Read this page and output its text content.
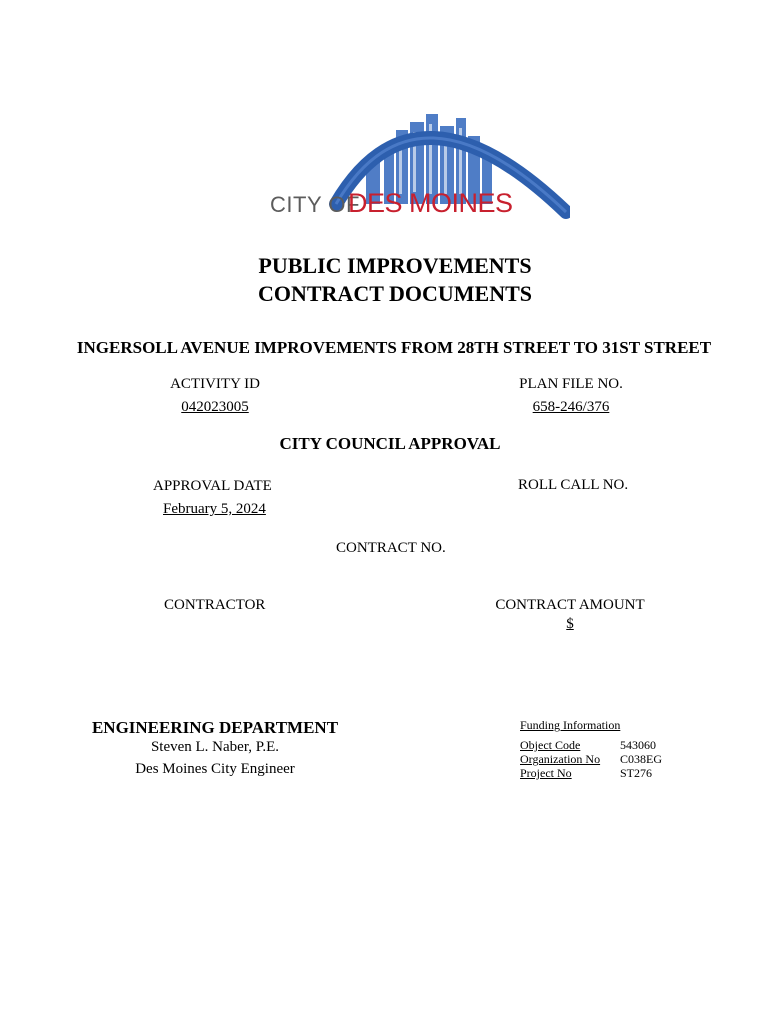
CITY OF
DES MOINES
PUBLIC IMPROVEMENTS
CONTRACT DOCUMENTS
INGERSOLL AVENUE IMPROVEMENTS FROM 28TH STREET TO 31ST STREET
ACTIVITY ID
042023005
PLAN FILE NO.
658-246/376
CITY COUNCIL APPROVAL
APPROVAL DATE
February 5, 2024
ROLL CALL NO.
CONTRACT NO.
CONTRACTOR	CONTRACT AMOUNT
$
ENGINEERING DEPARTMENT
Steven L. Naber, P.E.
Des Moines City Engineer
Funding Information
Object Code	543060
Organization No	C038EG
Project No	ST276
